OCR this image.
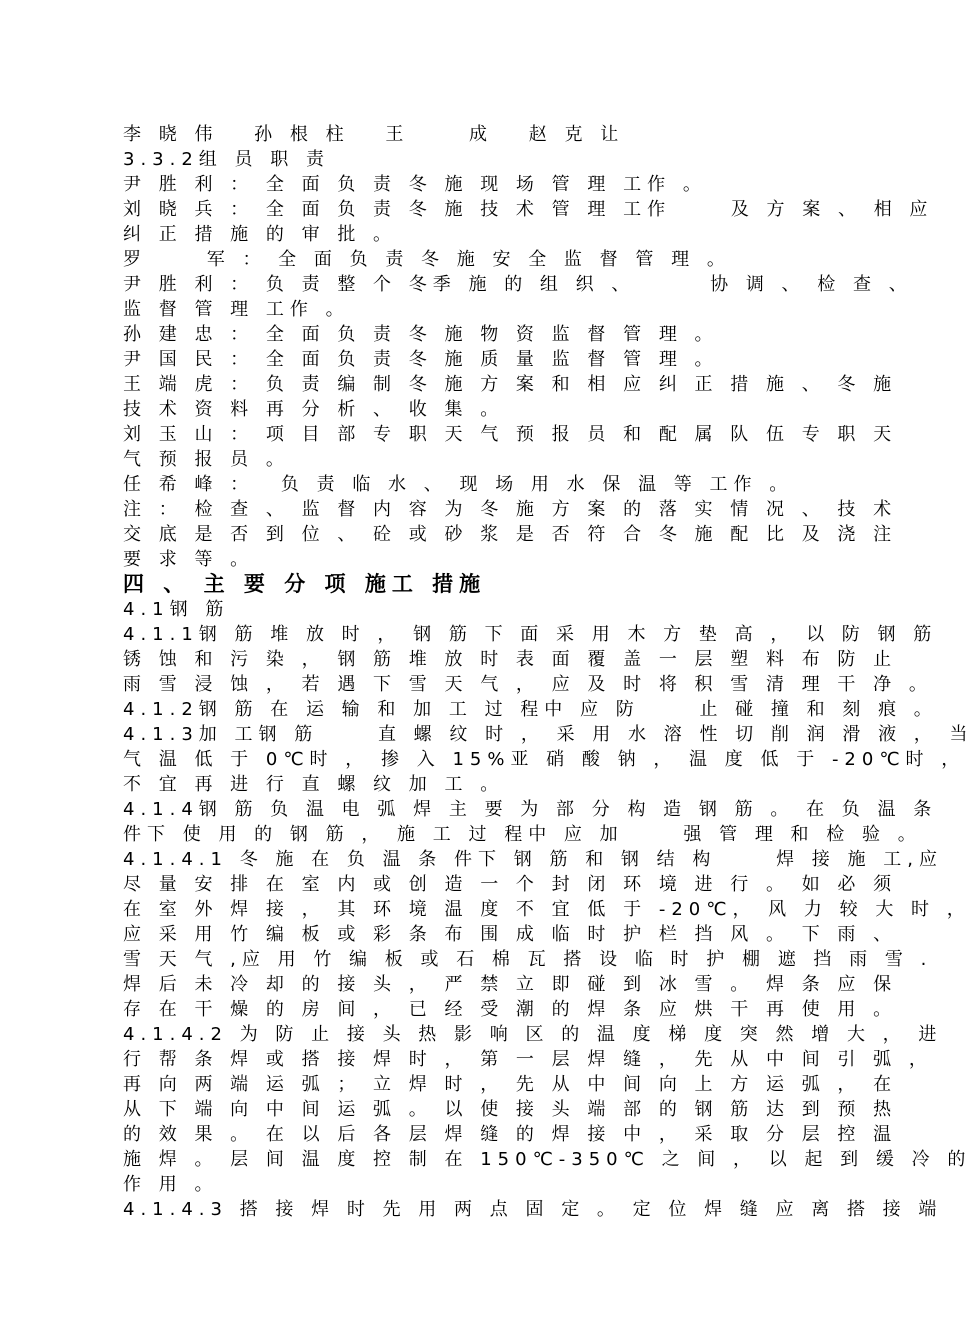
李 晓 伟　 孙 根 柱　 王　　 成　 赵 克 让
3.3.2组 员 职 责
尹 胜 利 ： 全 面 负 责 冬 施 现 场 管 理 工作 。
刘 晓 兵 ： 全 面 负 责 冬 施 技 术 管 理 工作　　 及 方 案 、 相 应
纠 正 措 施 的 审 批 。
罗　　 军 ： 全 面 负 责 冬 施 安 全 监 督 管 理 。
尹 胜 利 ： 负 责 整 个 冬季 施 的 组 织 、　　　 协 调 、 检 查 、
监 督 管 理 工作 。
孙 建 忠 ： 全 面 负 责 冬 施 物 资 监 督 管 理 。
尹 国 民 ： 全 面 负 责 冬 施 质 量 监 督 管 理 。
王 端 虎 ： 负 责 编 制 冬 施 方 案 和 相 应 纠 正 措 施 、 冬 施
技 术 资 料 再 分 析 、 收 集 。
刘 玉 山 ： 项 目 部 专 职 天 气 预 报 员 和 配 属 队 伍 专 职 天
气 预 报 员 。
任 希 峰 ：　 负 责 临 水 、 现 场 用 水 保 温 等 工作 。
注 ： 检 查 、 监 督 内 容 为 冬 施 方 案 的 落 实 情 况 、 技 术
交 底 是 否 到 位 、 砼 或 砂 浆 是 否 符 合 冬 施 配 比 及 浇 注
要 求 等 。
四 、 主 要 分 项 施工 措施
4.1钢 筋
4.1.1钢 筋 堆 放 时 ， 钢 筋 下 面 采 用 木 方 垫 高 ， 以 防 钢 筋
锈 蚀 和 污 染 ， 钢 筋 堆 放 时 表 面 覆 盖 一 层 塑 料 布 防 止
雨 雪 浸 蚀 ， 若 遇 下 雪 天 气 ， 应 及 时 将 积 雪 清 理 干 净 。
4.1.2钢 筋 在 运 输 和 加 工 过 程中 应 防　　 止 碰 撞 和 刻 痕 。
4.1.3加 工钢 筋　　 直 螺 纹 时 ， 采 用 水 溶 性 切 削 润 滑 液 ， 当
气 温 低 于 0℃时 ， 掺 入 15%亚 硝 酸 钠 ， 温 度 低 于 -20℃时 ，
不 宜 再 进 行 直 螺 纹 加 工 。
4.1.4钢 筋 负 温 电 弧 焊 主 要 为 部 分 构 造 钢 筋 。 在 负 温 条
件下 使 用 的 钢 筋 ， 施 工 过 程中 应 加　　 强 管 理 和 检 验 。
4.1.4.1 冬 施 在 负 温 条 件下 钢 筋 和 钢 结 构　　 焊 接 施 工,应
尽 量 安 排 在 室 内 或 创 造 一 个 封 闭 环 境 进 行 。 如 必 须
在 室 外 焊 接 ， 其 环 境 温 度 不 宜 低 于 -20℃， 风 力 较 大 时 ，
应 采 用 竹 编 板 或 彩 条 布 围 成 临 时 护 栏 挡 风 。 下 雨 、
雪 天 气 ,应 用 竹 编 板 或 石 棉 瓦 搭 设 临 时 护 棚 遮 挡 雨 雪 .
焊 后 未 冷 却 的 接 头 ， 严 禁 立 即 碰 到 冰 雪 。 焊 条 应 保
存 在 干 燥 的 房 间 ， 已 经 受 潮 的 焊 条 应 烘 干 再 使 用 。
4.1.4.2 为 防 止 接 头 热 影 响 区 的 温 度 梯 度 突 然 增 大 ， 进
行 帮 条 焊 或 搭 接 焊 时 ， 第 一 层 焊 缝 ， 先 从 中 间 引 弧 ，
再 向 两 端 运 弧 ； 立 焊 时 ， 先 从 中 间 向 上 方 运 弧 ， 在
从 下 端 向 中 间 运 弧 。 以 使 接 头 端 部 的 钢 筋 达 到 预 热
的 效 果 。 在 以 后 各 层 焊 缝 的 焊 接 中 ， 采 取 分 层 控 温
施 焊 。 层 间 温 度 控 制 在 150℃-350℃ 之 间 ， 以 起 到 缓 冷 的
作 用 。
4.1.4.3 搭 接 焊 时 先 用 两 点 固 定 。 定 位 焊 缝 应 离 搭 接 端
